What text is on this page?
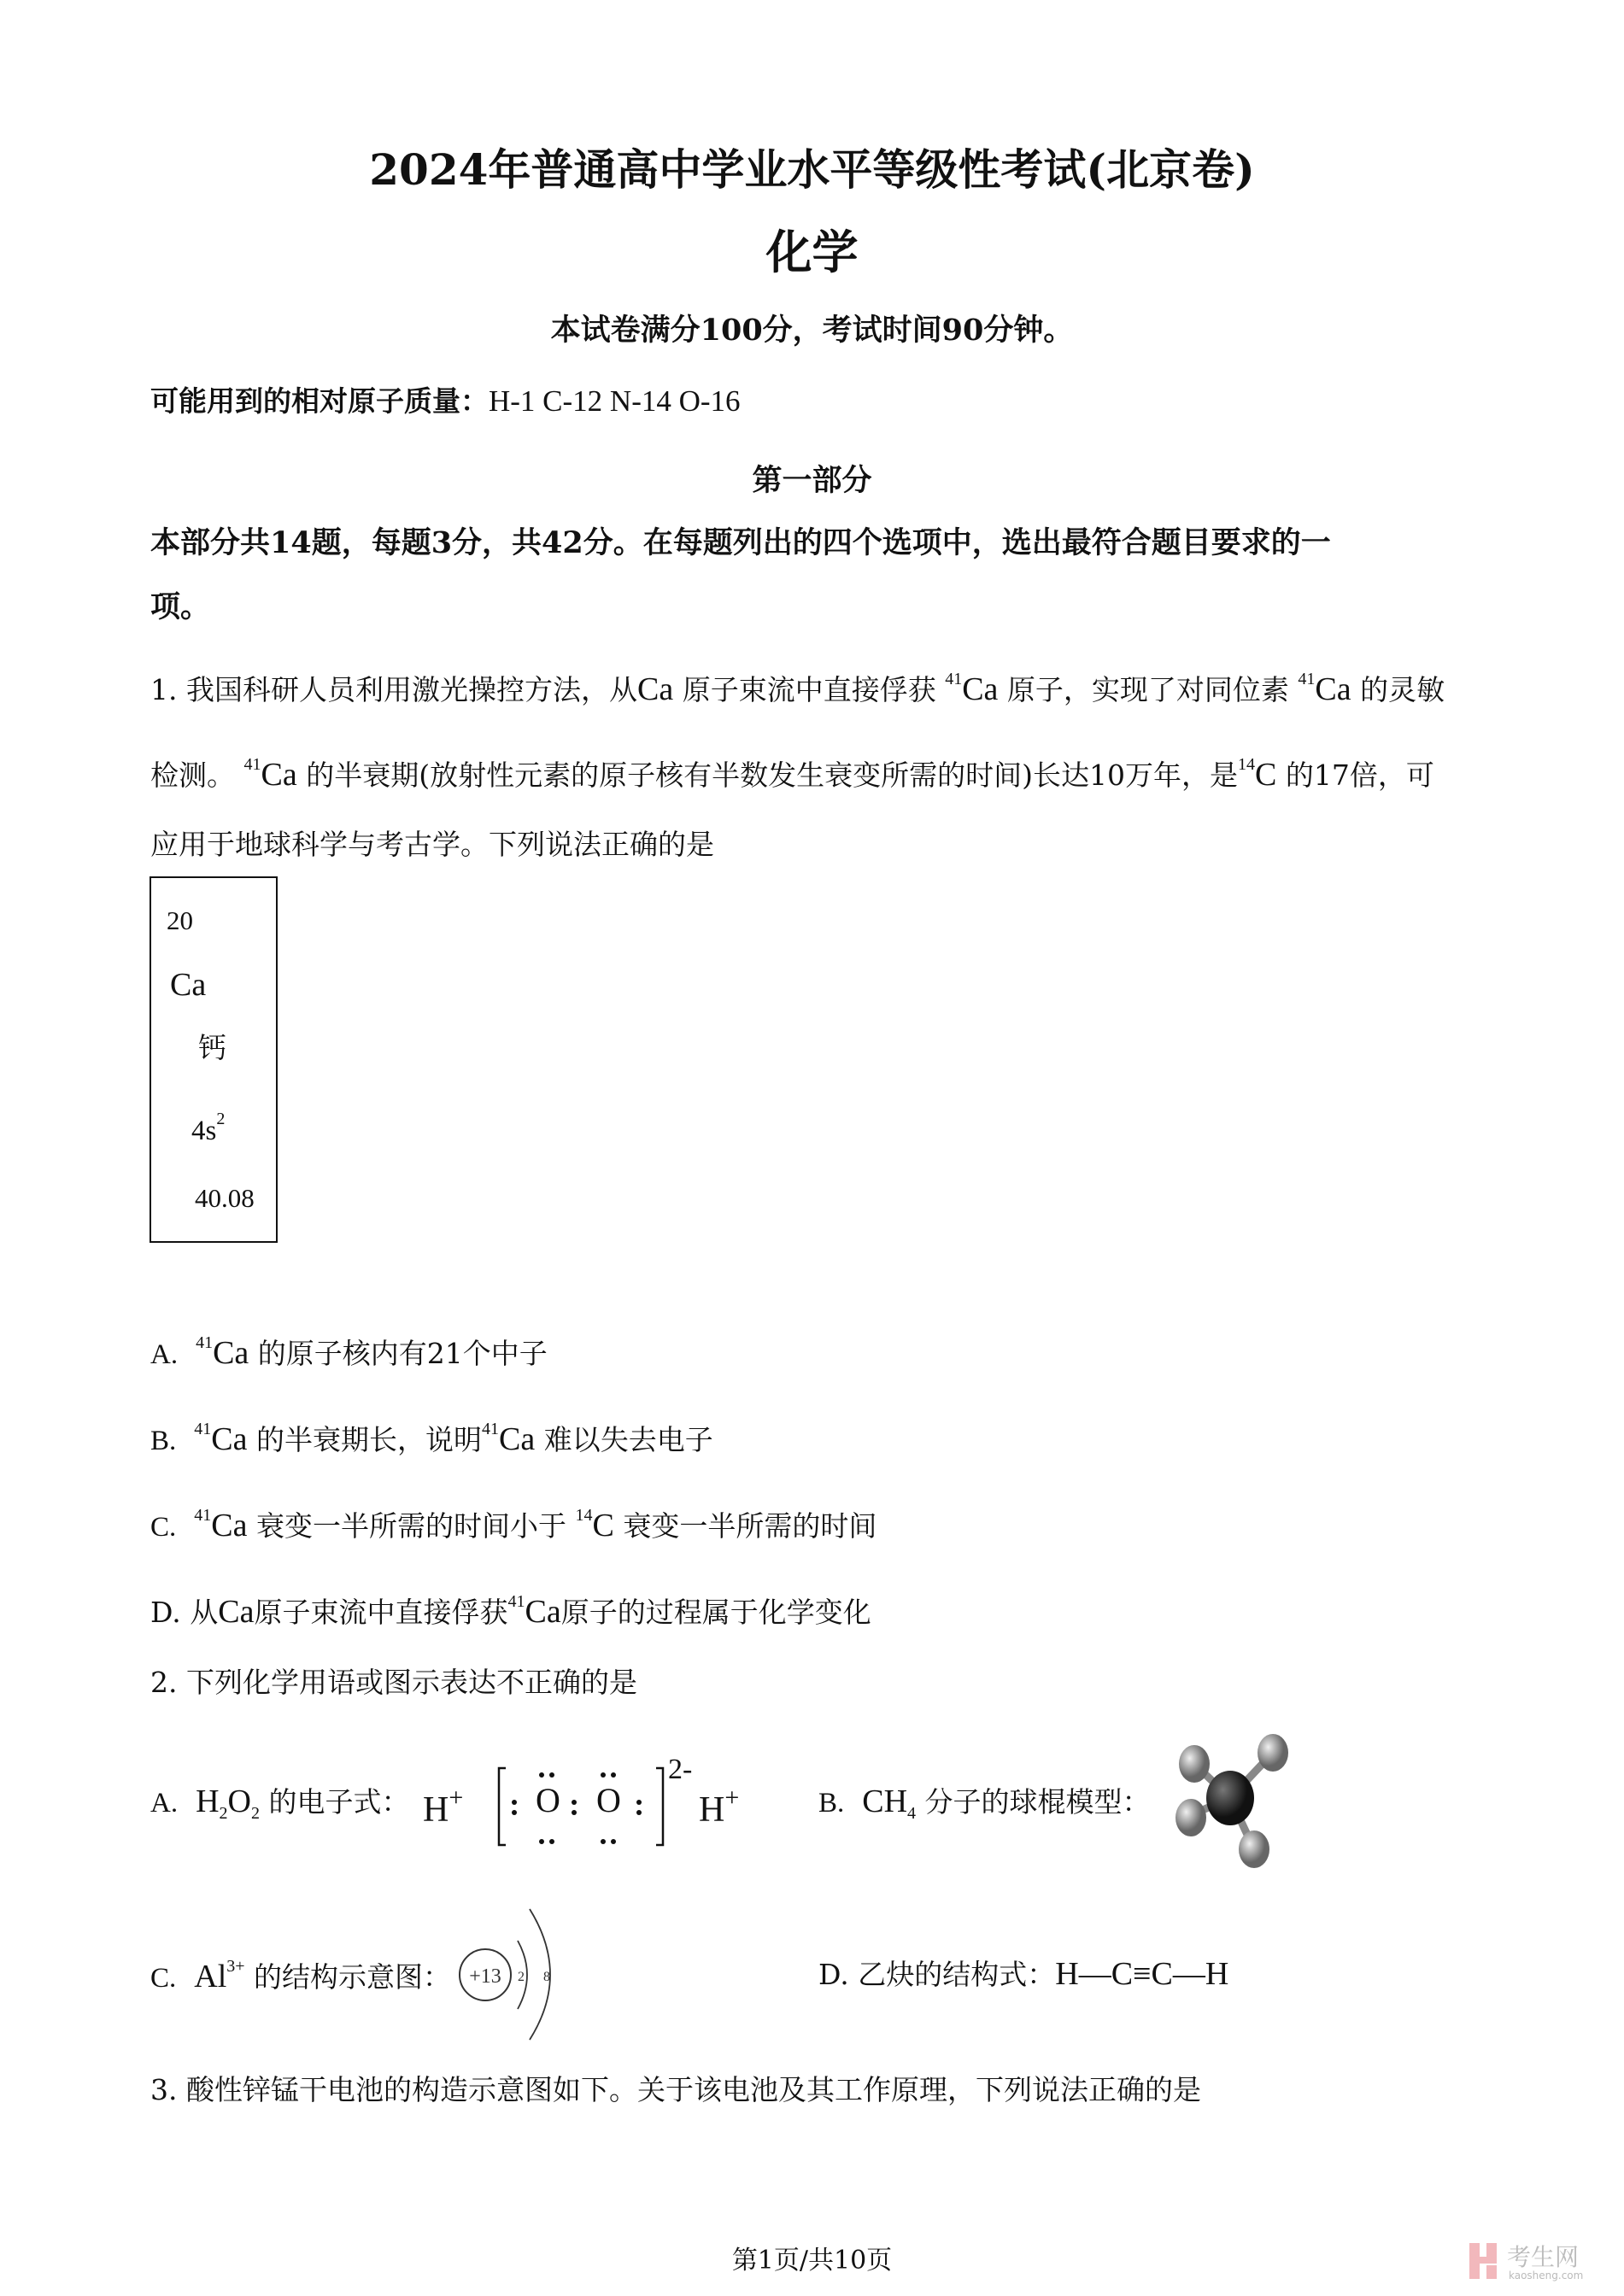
2024年普通高中学业水平等级性考试(北京卷)
化学
本试卷满分100分，考试时间90分钟。
可能用到的相对原子质量：H-1 C-12 N-14 O-16
第一部分
本部分共14题，每题3分，共42分。在每题列出的四个选项中，选出最符合题目要求的一
项。
1. 我国科研人员利用激光操控方法，从Ca 原子束流中直接俘获 $^{41}$Ca 原子，实现了对同位素 $^{41}$Ca 的灵敏
检测。 $^{41}$Ca 的半衰期(放射性元素的原子核有半数发生衰变所需的时间)长达10万年，是$^{14}$C 的17倍，可
应用于地球科学与考古学。下列说法正确的是
20
Ca
钙
$4s^2$
40.08
A. $^{41}$Ca 的原子核内有21个中子
B. $^{41}$Ca 的半衰期长，说明$^{41}$Ca 难以失去电子
C. $^{41}$Ca 衰变一半所需的时间小于 $^{14}$C 衰变一半所需的时间
D. 从Ca原子束流中直接俘获$^{41}$Ca原子的过程属于化学变化
2. 下列化学用语或图示表达不正确的是
A. $H_2O_2$ 的电子式： H+ O O
2-
H+	B. $CH_4$ 分子的球棍模型：
C. $Al^{3+}$ 的结构示意图： +13 2 8	D. 乙炔的结构式：H—C≡C—H
3. 酸性锌锰干电池的构造示意图如下。关于该电池及其工作原理，下列说法正确的是
第1页/共10页	考生网
kaosheng.com
